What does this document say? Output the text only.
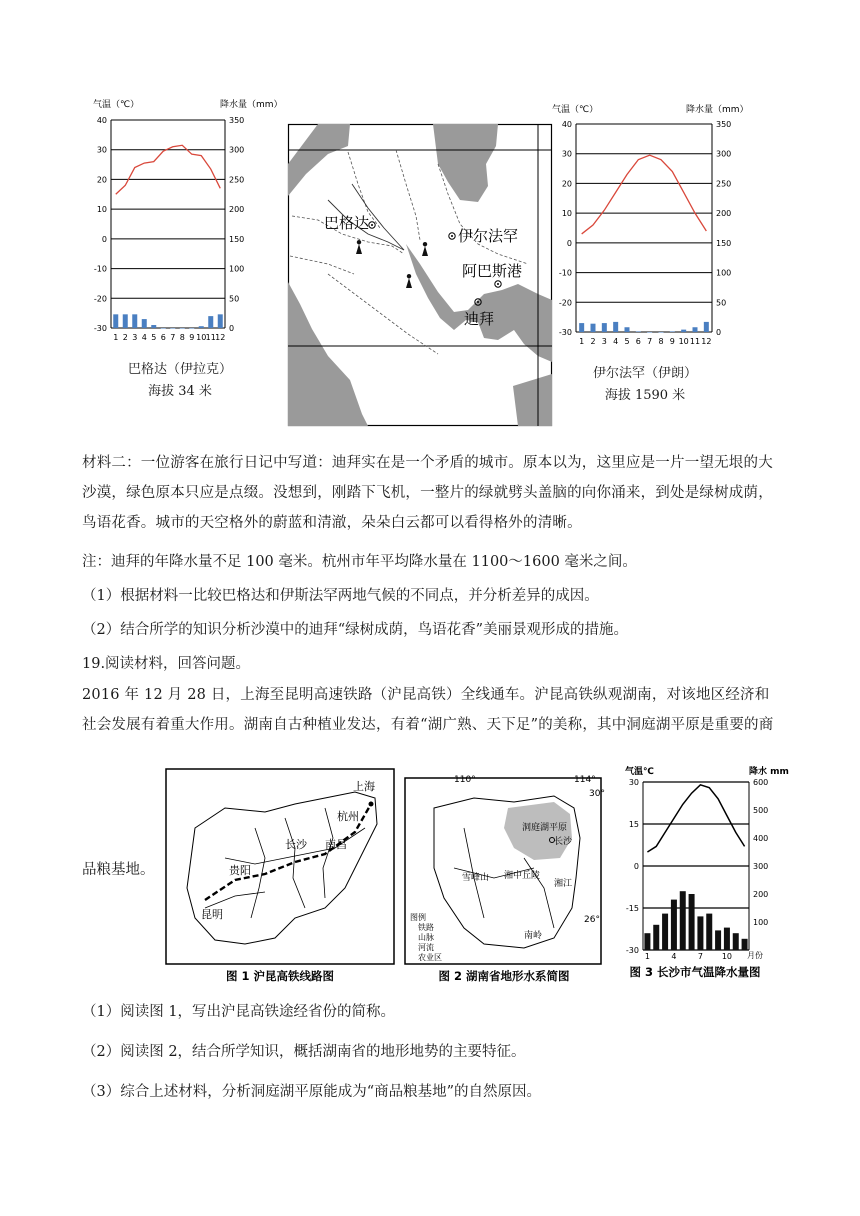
气温（℃）	降水量（mm）
40
30
20
10
0
-10
-20
-30
350
300
250
200
150
100
50
0
1 2 3 4 5 6 7 8 9 10 11 12
巴格达（伊拉克）
海拔 34 米
巴格达
伊尔法罕
阿巴斯港
迪拜
气温（℃）	降水量（mm）
40
30
20
10
0
-10
-20
-30
350
300
250
200
150
100
50
0
1 2 3 4 5 6 7 8 9 10 11 12
伊尔法罕（伊朗）
海拔 1590 米
材料二：一位游客在旅行日记中写道：迪拜实在是一个矛盾的城市。原本以为，这里应是一片一望无垠的大沙漠，绿色原本只应是点缀。没想到，刚踏下飞机，一整片的绿就劈头盖脑的向你涌来，到处是绿树成荫，鸟语花香。城市的天空格外的蔚蓝和清澈，朵朵白云都可以看得格外的清晰。
注：迪拜的年降水量不足 100 毫米。杭州市年平均降水量在 1100～1600 毫米之间。
（1）根据材料一比较巴格达和伊斯法罕两地气候的不同点，并分析差异的成因。
（2）结合所学的知识分析沙漠中的迪拜“绿树成荫，鸟语花香”美丽景观形成的措施。
19.阅读材料，回答问题。
2016 年 12 月 28 日，上海至昆明高速铁路（沪昆高铁）全线通车。沪昆高铁纵观湖南，对该地区经济和社会发展有着重大作用。湖南自古种植业发达，有着“湖广熟、天下足”的美称，其中洞庭湖平原是重要的商
品粮基地。
上海
杭州
长沙 南昌
贵阳
昆明
图 1 沪昆高铁线路图
110°	114°
30°
26°
洞庭湖平原
长沙
雪峰山 湘中丘陵
湘江
南岭
图例
铁路
山脉
河流
农业区
图 2 湖南省地形水系简图
气温℃	降水 mm
30
15
0
-15
-30
600
500
400
300
200
100
1	4	7 10 月份
图 3 长沙市气温降水量图
（1）阅读图 1，写出沪昆高铁途经省份的简称。
（2）阅读图 2，结合所学知识，概括湖南省的地形地势的主要特征。
（3）综合上述材料，分析洞庭湖平原能成为“商品粮基地”的自然原因。
